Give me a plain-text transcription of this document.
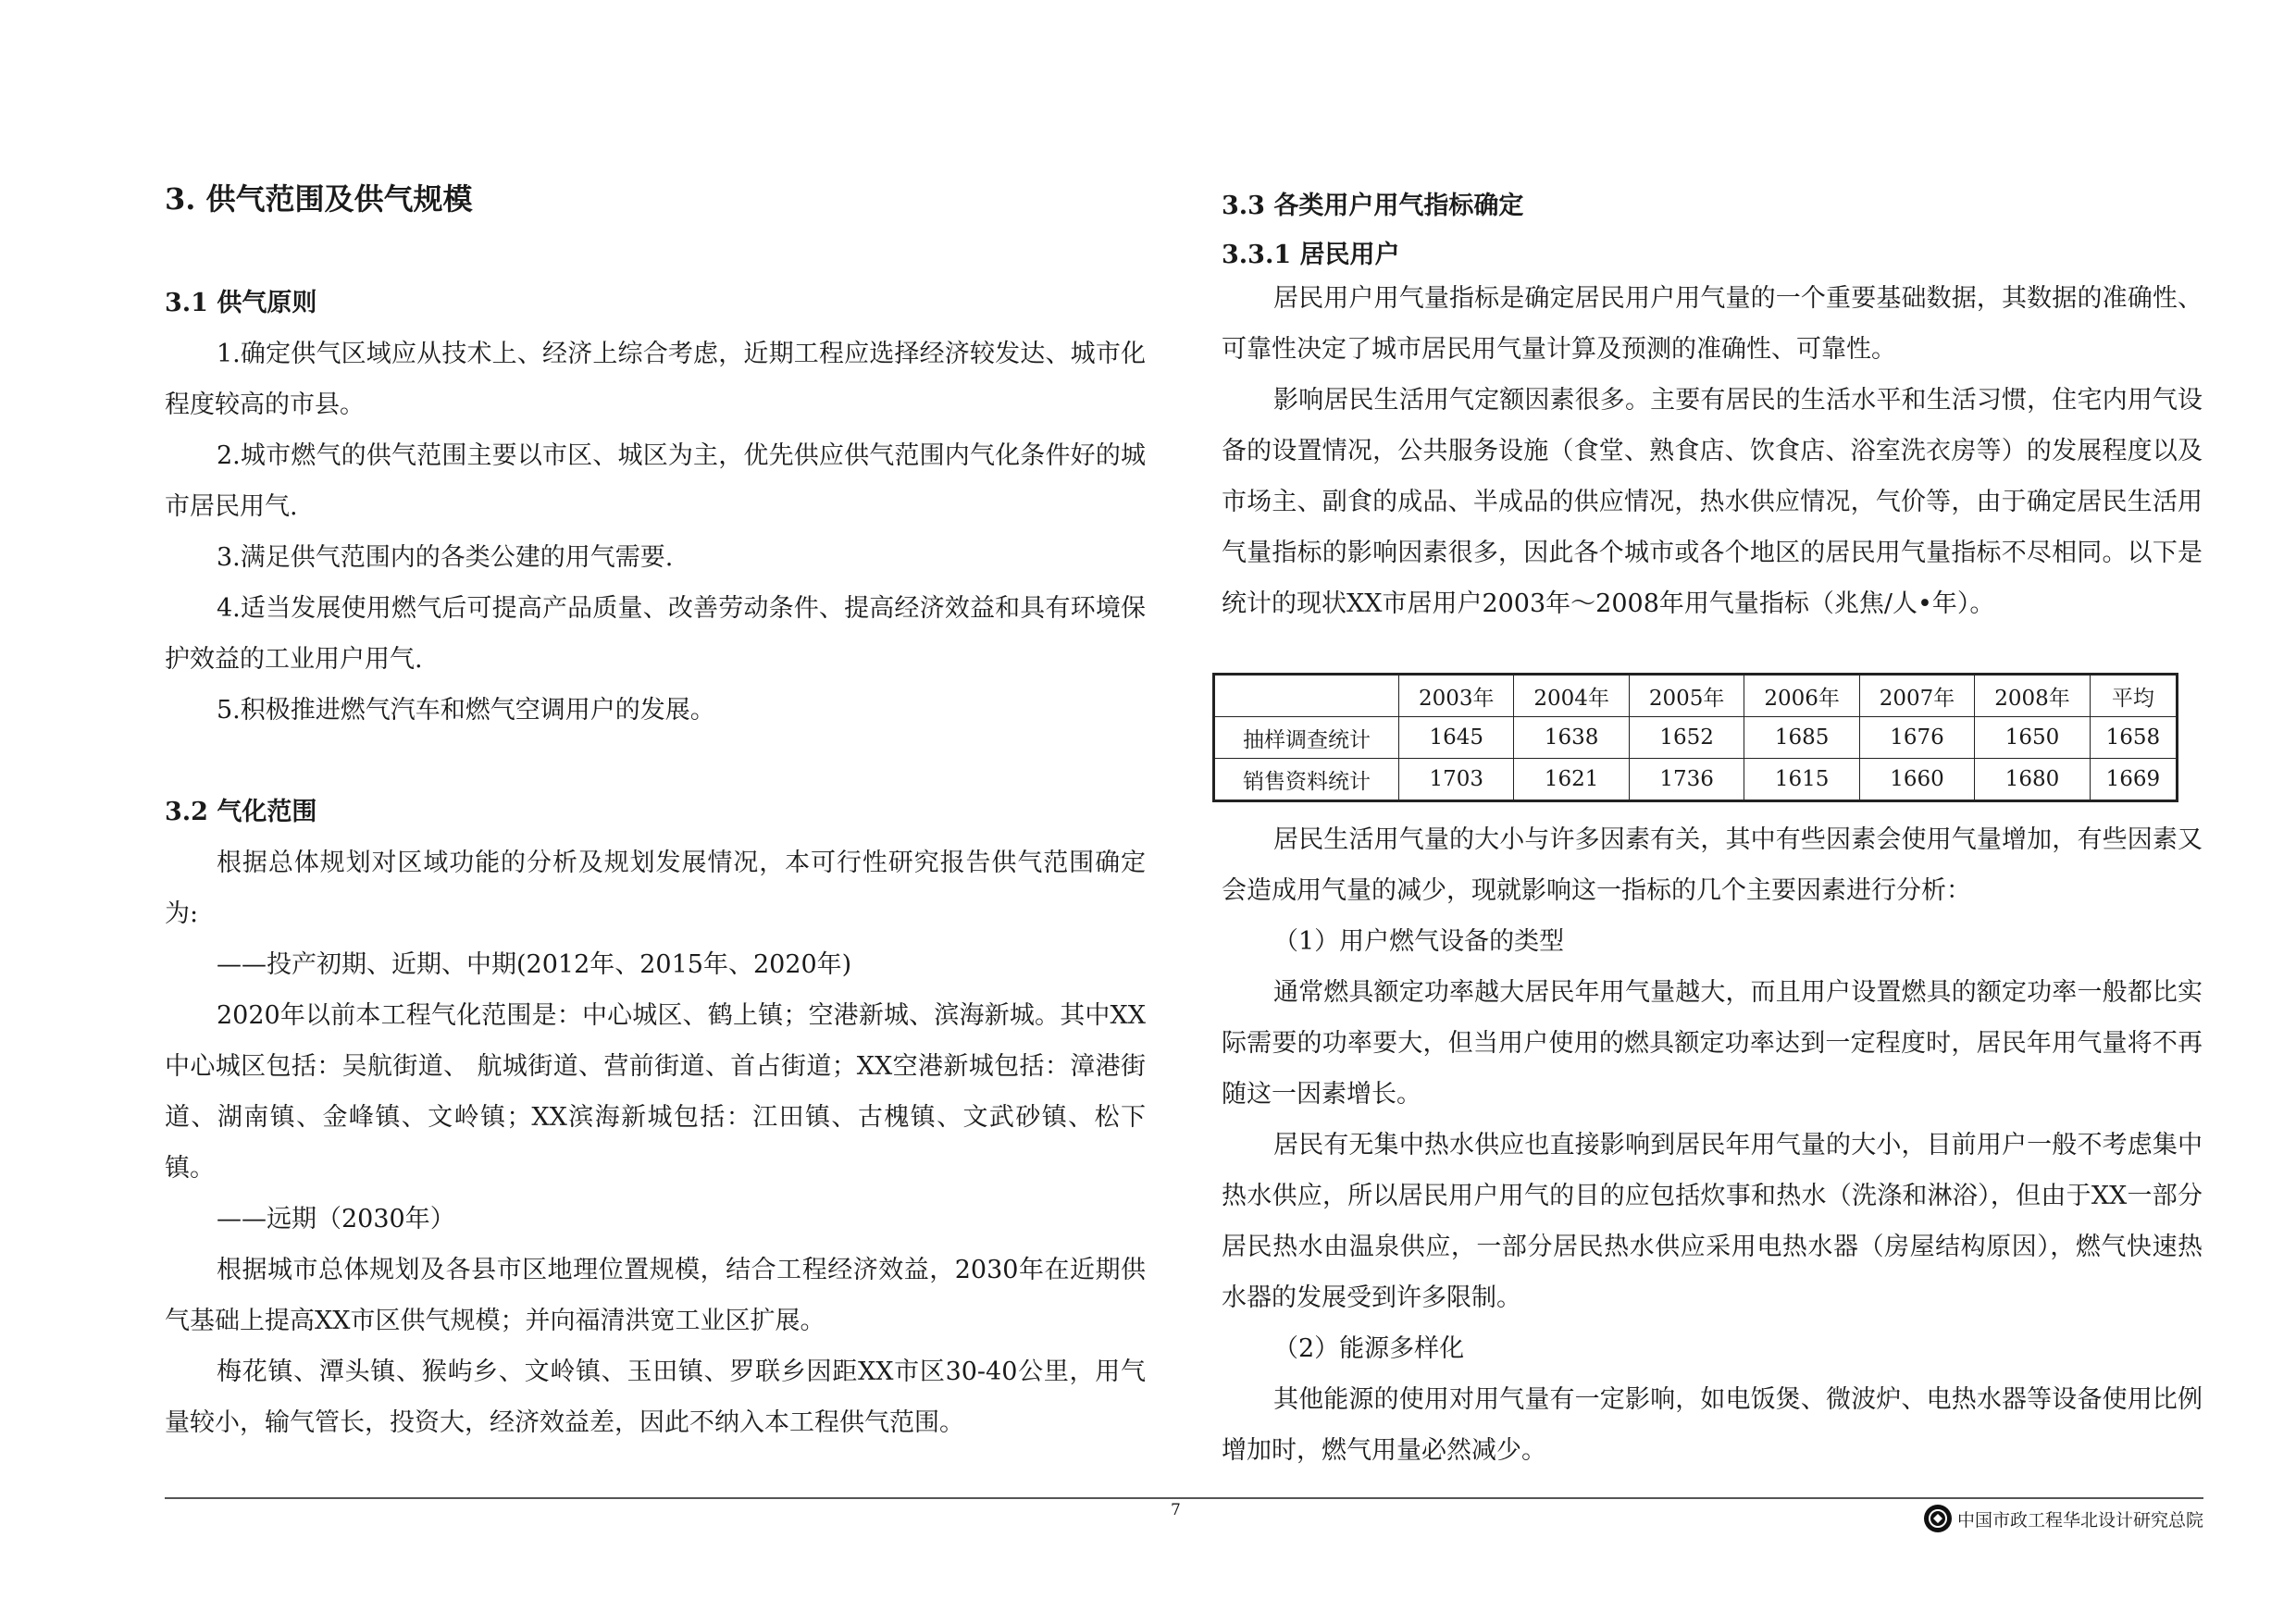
3. 供气范围及供气规模
3.1 供气原则

1.确定供气区域应从技术上、经济上综合考虑，近期工程应选择经济较发达、城市化程度较高的市县。

2.城市燃气的供气范围主要以市区、城区为主，优先供应供气范围内气化条件好的城市居民用气.

3.满足供气范围内的各类公建的用气需要.

4.适当发展使用燃气后可提高产品质量、改善劳动条件、提高经济效益和具有环境保护效益的工业用户用气.

5.积极推进燃气汽车和燃气空调用户的发展。

3.2 气化范围

根据总体规划对区域功能的分析及规划发展情况，本可行性研究报告供气范围确定为:

——投产初期、近期、中期(2012年、2015年、2020年)

2020年以前本工程气化范围是：中心城区、鹤上镇；空港新城、滨海新城。其中XX中心城区包括：吴航街道、 航城街道、营前街道、首占街道；XX空港新城包括：漳港街道、湖南镇、金峰镇、文岭镇；XX滨海新城包括：江田镇、古槐镇、文武砂镇、松下镇。

——远期（2030年）

根据城市总体规划及各县市区地理位置规模，结合工程经济效益，2030年在近期供气基础上提高XX市区供气规模；并向福清洪宽工业区扩展。

梅花镇、潭头镇、猴屿乡、文岭镇、玉田镇、罗联乡因距XX市区30-40公里，用气量较小，输气管长，投资大，经济效益差，因此不纳入本工程供气范围。

3.3 各类用户用气指标确定
3.3.1 居民用户

居民用户用气量指标是确定居民用户用气量的一个重要基础数据，其数据的准确性、可靠性决定了城市居民用气量计算及预测的准确性、可靠性。

影响居民生活用气定额因素很多。主要有居民的生活水平和生活习惯，住宅内用气设备的设置情况，公共服务设施（食堂、熟食店、饮食店、浴室洗衣房等）的发展程度以及市场主、副食的成品、半成品的供应情况，热水供应情况，气价等，由于确定居民生活用气量指标的影响因素很多，因此各个城市或各个地区的居民用气量指标不尽相同。以下是统计的现状XX市居用户2003年～2008年用气量指标（兆焦/人•年）。

居民生活用气量的大小与许多因素有关，其中有些因素会使用气量增加，有些因素又会造成用气量的减少，现就影响这一指标的几个主要因素进行分析：

（1）用户燃气设备的类型

通常燃具额定功率越大居民年用气量越大，而且用户设置燃具的额定功率一般都比实际需要的功率要大，但当用户使用的燃具额定功率达到一定程度时，居民年用气量将不再随这一因素增长。

居民有无集中热水供应也直接影响到居民年用气量的大小，目前用户一般不考虑集中热水供应，所以居民用户用气的目的应包括炊事和热水（洗涤和淋浴），但由于XX一部分居民热水由温泉供应，一部分居民热水供应采用电热水器（房屋结构原因），燃气快速热水器的发展受到许多限制。

（2）能源多样化

其他能源的使用对用气量有一定影响，如电饭煲、微波炉、电热水器等设备使用比例增加时，燃气用量必然减少。

	2003年	2004年	2005年	2006年	2007年	2008年	平均
抽样调查统计	1645	1638	1652	1685	1676	1650	1658
销售资料统计	1703	1621	1736	1615	1660	1680	1669
7	中国市政工程华北设计研究总院
